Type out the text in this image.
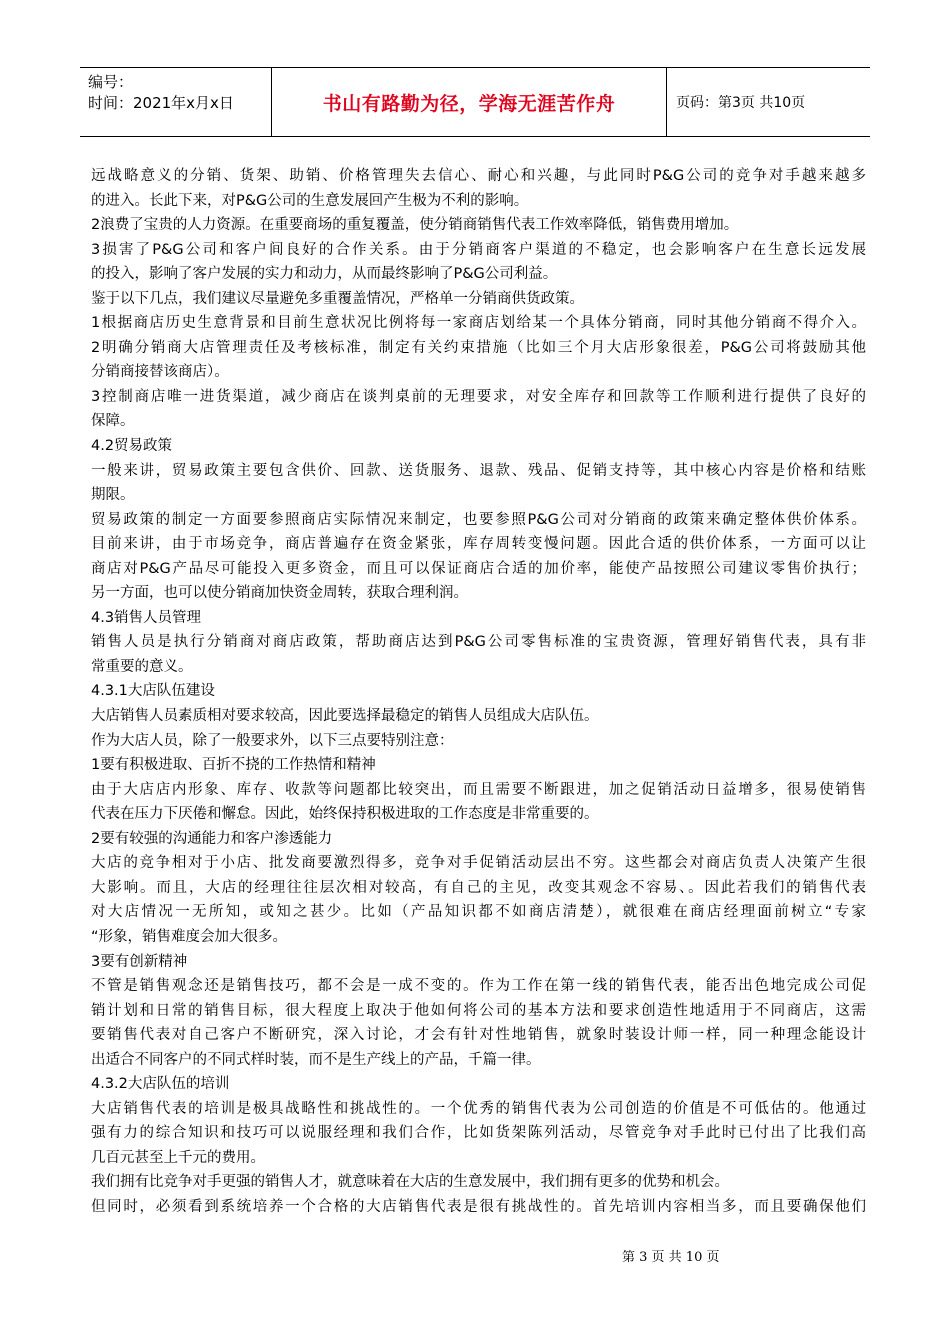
编号：
时间：2021年x月x日	书山有路勤为径，学海无涯苦作舟	页码：第3页 共10页
远战略意义的分销、货架、助销、价格管理失去信心、耐心和兴趣，与此同时P&G公司的竞争对手越来越多
的进入。长此下来，对P&G公司的生意发展回产生极为不利的影响。
2浪费了宝贵的人力资源。在重要商场的重复覆盖，使分销商销售代表工作效率降低，销售费用增加。
3损害了P&G公司和客户间良好的合作关系。由于分销商客户渠道的不稳定，也会影响客户在生意长远发展
的投入，影响了客户发展的实力和动力，从而最终影响了P&G公司利益。
鉴于以下几点，我们建议尽量避免多重覆盖情况，严格单一分销商供货政策。
1根据商店历史生意背景和目前生意状况比例将每一家商店划给某一个具体分销商，同时其他分销商不得介入。
2明确分销商大店管理责任及考核标准，制定有关约束措施（比如三个月大店形象很差，P&G公司将鼓励其他
分销商接替该商店）。
3控制商店唯一进货渠道，减少商店在谈判桌前的无理要求，对安全库存和回款等工作顺利进行提供了良好的
保障。
4.2贸易政策
一般来讲，贸易政策主要包含供价、回款、送货服务、退款、残品、促销支持等，其中核心内容是价格和结账
期限。
贸易政策的制定一方面要参照商店实际情况来制定，也要参照P&G公司对分销商的政策来确定整体供价体系。
目前来讲，由于市场竞争，商店普遍存在资金紧张，库存周转变慢问题。因此合适的供价体系，一方面可以让
商店对P&G产品尽可能投入更多资金，而且可以保证商店合适的加价率，能使产品按照公司建议零售价执行；
另一方面，也可以使分销商加快资金周转，获取合理利润。
4.3销售人员管理
销售人员是执行分销商对商店政策，帮助商店达到P&G公司零售标准的宝贵资源，管理好销售代表，具有非
常重要的意义。
4.3.1大店队伍建设
大店销售人员素质相对要求较高，因此要选择最稳定的销售人员组成大店队伍。
作为大店人员，除了一般要求外，以下三点要特别注意：
1要有积极进取、百折不挠的工作热情和精神
由于大店店内形象、库存、收款等问题都比较突出，而且需要不断跟进，加之促销活动日益增多，很易使销售
代表在压力下厌倦和懈怠。因此，始终保持积极进取的工作态度是非常重要的。
2要有较强的沟通能力和客户渗透能力
大店的竞争相对于小店、批发商要激烈得多，竞争对手促销活动层出不穷。这些都会对商店负责人决策产生很
大影响。而且，大店的经理往往层次相对较高，有自己的主见，改变其观念不容易、。因此若我们的销售代表
对大店情况一无所知，或知之甚少。比如（产品知识都不如商店清楚），就很难在商店经理面前树立“专家
“形象，销售难度会加大很多。
3要有创新精神
不管是销售观念还是销售技巧，都不会是一成不变的。作为工作在第一线的销售代表，能否出色地完成公司促
销计划和日常的销售目标，很大程度上取决于他如何将公司的基本方法和要求创造性地适用于不同商店，这需
要销售代表对自己客户不断研究，深入讨论，才会有针对性地销售，就象时装设计师一样，同一种理念能设计
出适合不同客户的不同式样时装，而不是生产线上的产品，千篇一律。
4.3.2大店队伍的培训
大店销售代表的培训是极具战略性和挑战性的。一个优秀的销售代表为公司创造的价值是不可低估的。他通过
强有力的综合知识和技巧可以说服经理和我们合作，比如货架陈列活动，尽管竞争对手此时已付出了比我们高
几百元甚至上千元的费用。
我们拥有比竞争对手更强的销售人才，就意味着在大店的生意发展中，我们拥有更多的优势和机会。
但同时，必须看到系统培养一个合格的大店销售代表是很有挑战性的。首先培训内容相当多，而且要确保他们
第 3 页 共 10 页
